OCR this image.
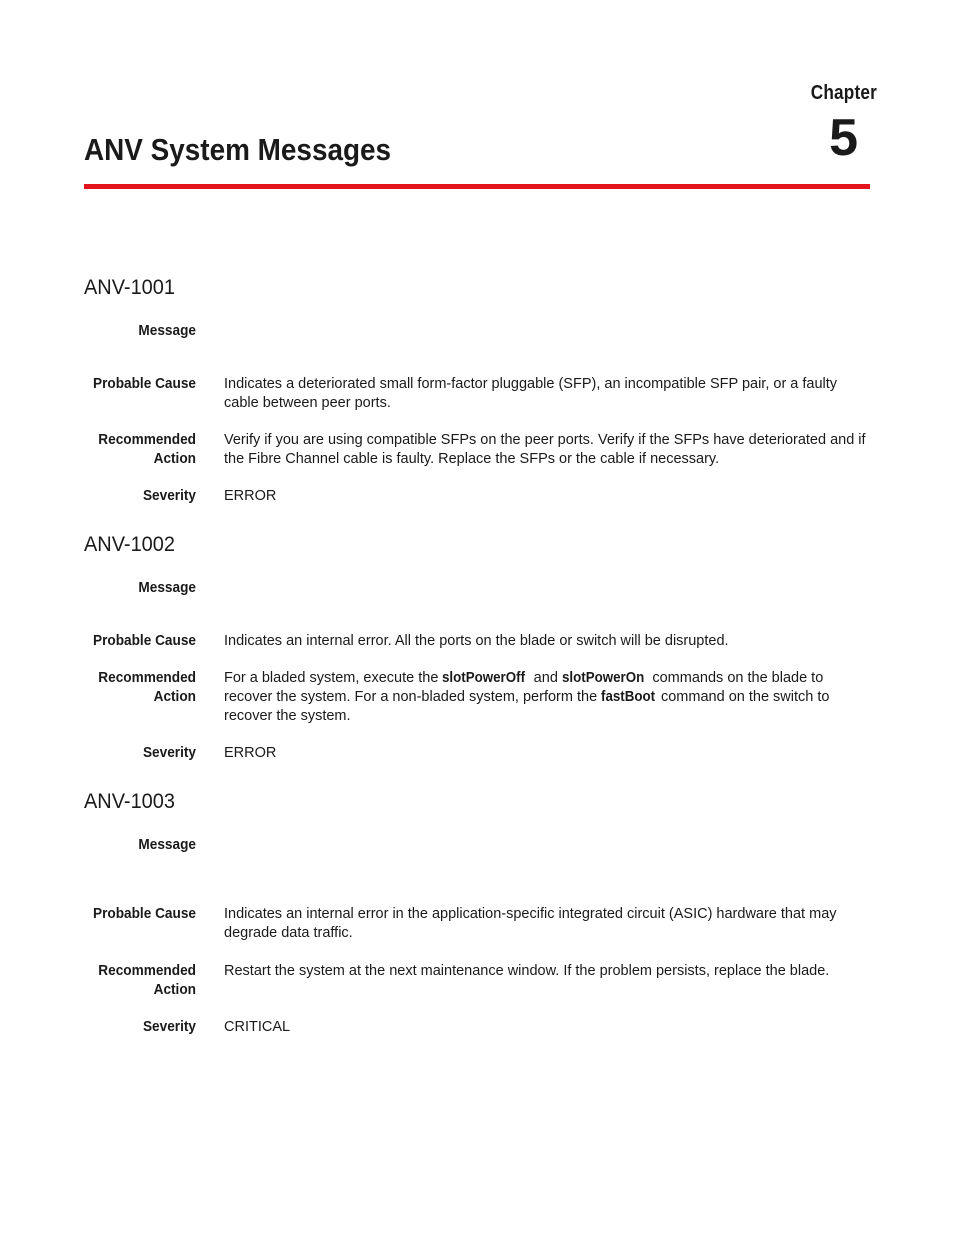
Chapter
5
ANV System Messages
ANV-1001
Message
Probable Cause Indicates a deteriorated small form-factor pluggable (SFP), an incompatible SFP pair, or a faulty cable between peer ports.
Recommended
Action
Verify if you are using compatible SFPs on the peer ports. Verify if the SFPs have deteriorated and if the Fibre Channel cable is faulty. Replace the SFPs or the cable if necessary.
Severity ERROR
ANV-1002
Message
Probable Cause Indicates an internal error. All the ports on the blade or switch will be disrupted.
Recommended
Action
For a bladed system, execute the slotPowerOff and slotPowerOn commands on the blade to recover the system. For a non-bladed system, perform the fastBoot command on the switch to recover the system.
Severity ERROR
ANV-1003
Message
Probable Cause Indicates an internal error in the application-specific integrated circuit (ASIC) hardware that may degrade data traffic.
Recommended
Action
Restart the system at the next maintenance window. If the problem persists, replace the blade.
Severity CRITICAL
